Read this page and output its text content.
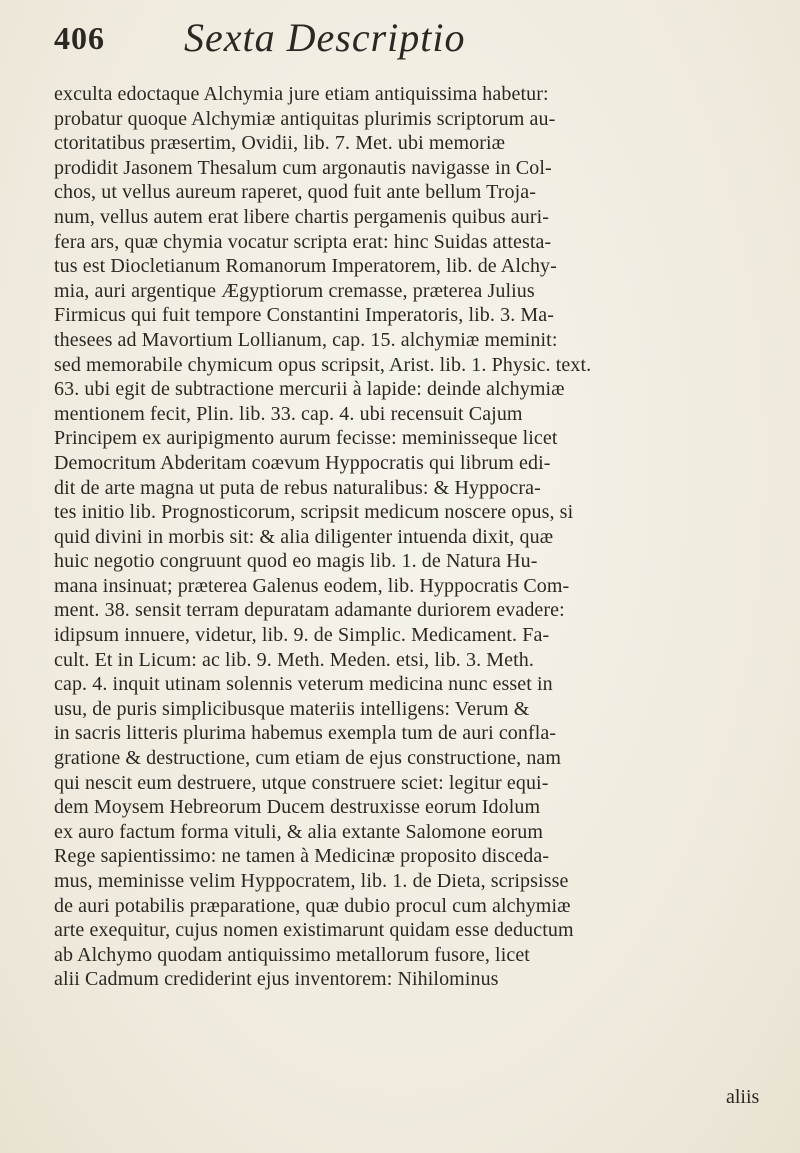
406 Sexta Descriptio
exculta edoctaque Alchymia jure etiam antiquissima habetur:
probatur quoque Alchymiæ antiquitas plurimis scriptorum au-
ctoritatibus præsertim, Ovidii, lib. 7. Met. ubi memoriæ
prodidit Jasonem Thesalum cum argonautis navigasse in Col-
chos, ut vellus aureum raperet, quod fuit ante bellum Troja-
num, vellus autem erat libere chartis pergamenis quibus auri-
fera ars, quæ chymia vocatur scripta erat: hinc Suidas attesta-
tus est Diocletianum Romanorum Imperatorem, lib. de Alchy-
mia, auri argentique Ægyptiorum cremasse, præterea Julius
Firmicus qui fuit tempore Constantini Imperatoris, lib. 3. Ma-
thesees ad Mavortium Lollianum, cap. 15. alchymiæ meminit:
sed memorabile chymicum opus scripsit, Arist. lib. 1. Physic. text.
63. ubi egit de subtractione mercurii à lapide: deinde alchymiæ
mentionem fecit, Plin. lib. 33. cap. 4. ubi recensuit Cajum
Principem ex auripigmento aurum fecisse: meminisseque licet
Democritum Abderitam coævum Hyppocratis qui librum edi-
dit de arte magna ut puta de rebus naturalibus: & Hyppocra-
tes initio lib. Prognosticorum, scripsit medicum noscere opus, si
quid divini in morbis sit: & alia diligenter intuenda dixit, quæ
huic negotio congruunt quod eo magis lib. 1. de Natura Hu-
mana insinuat; præterea Galenus eodem, lib. Hyppocratis Com-
ment. 38. sensit terram depuratam adamante duriorem evadere:
idipsum innuere, videtur, lib. 9. de Simplic. Medicament. Fa-
cult. Et in Licum: ac lib. 9. Meth. Meden. etsi, lib. 3. Meth.
cap. 4. inquit utinam solennis veterum medicina nunc esset in
usu, de puris simplicibusque materiis intelligens: Verum &
in sacris litteris plurima habemus exempla tum de auri confla-
gratione & destructione, cum etiam de ejus constructione, nam
qui nescit eum destruere, utque construere sciet: legitur equi-
dem Moysem Hebreorum Ducem destruxisse eorum Idolum
ex auro factum forma vituli, & alia extante Salomone eorum
Rege sapientissimo: ne tamen à Medicinæ proposito discedа-
mus, meminisse velim Hyppocratem, lib. 1. de Dieta, scripsisse
de auri potabilis præparatione, quæ dubio procul cum alchymiæ
arte exequitur, cujus nomen existimarunt quidam esse deductum
ab Alchymo quodam antiquissimo metallorum fusore, licet
alii Cadmum crediderint ejus inventorem: Nihilominus
aliis
